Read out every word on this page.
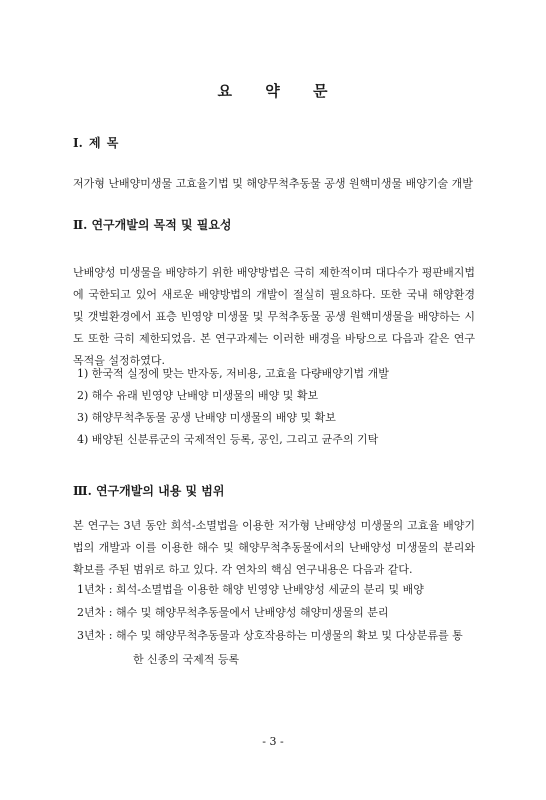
요 약 문
Ⅰ. 제 목
저가형 난배양미생물 고효율기법 및 해양무척추동물 공생 원핵미생물 배양기술 개발
Ⅱ. 연구개발의 목적 및 필요성
난배양성 미생물을 배양하기 위한 배양방법은 극히 제한적이며 대다수가 평판배지법에 국한되고 있어 새로운 배양방법의 개발이 절실히 필요하다. 또한 국내 해양환경 및 갯벌환경에서 표층 빈영양 미생물 및 무척추동물 공생 원핵미생물을 배양하는 시도 또한 극히 제한되었음. 본 연구과제는 이러한 배경을 바탕으로 다음과 같은 연구목적을 설정하였다.
1) 한국적 실정에 맞는 반자동, 저비용, 고효율 다량배양기법 개발
2) 해수 유래 빈영양 난배양 미생물의 배양 및 확보
3) 해양무척추동물 공생 난배양 미생물의 배양 및 확보
4) 배양된 신분류군의 국제적인 등록, 공인, 그리고 균주의 기탁
Ⅲ. 연구개발의 내용 및 범위
본 연구는 3년 동안 희석-소멸법을 이용한 저가형 난배양성 미생물의 고효율 배양기법의 개발과 이를 이용한 해수 및 해양무척추동물에서의 난배양성 미생물의 분리와 확보를 주된 범위로 하고 있다. 각 연차의 핵심 연구내용은 다음과 같다.
1년차 : 희석-소멸법을 이용한 해양 빈영양 난배양성 세균의 분리 및 배양
2년차 : 해수 및 해양무척추동물에서 난배양성 해양미생물의 분리
3년차 : 해수 및 해양무척추동물과 상호작용하는 미생물의 확보 및 다상분류를 통
한 신종의 국제적 등록
- 3 -
